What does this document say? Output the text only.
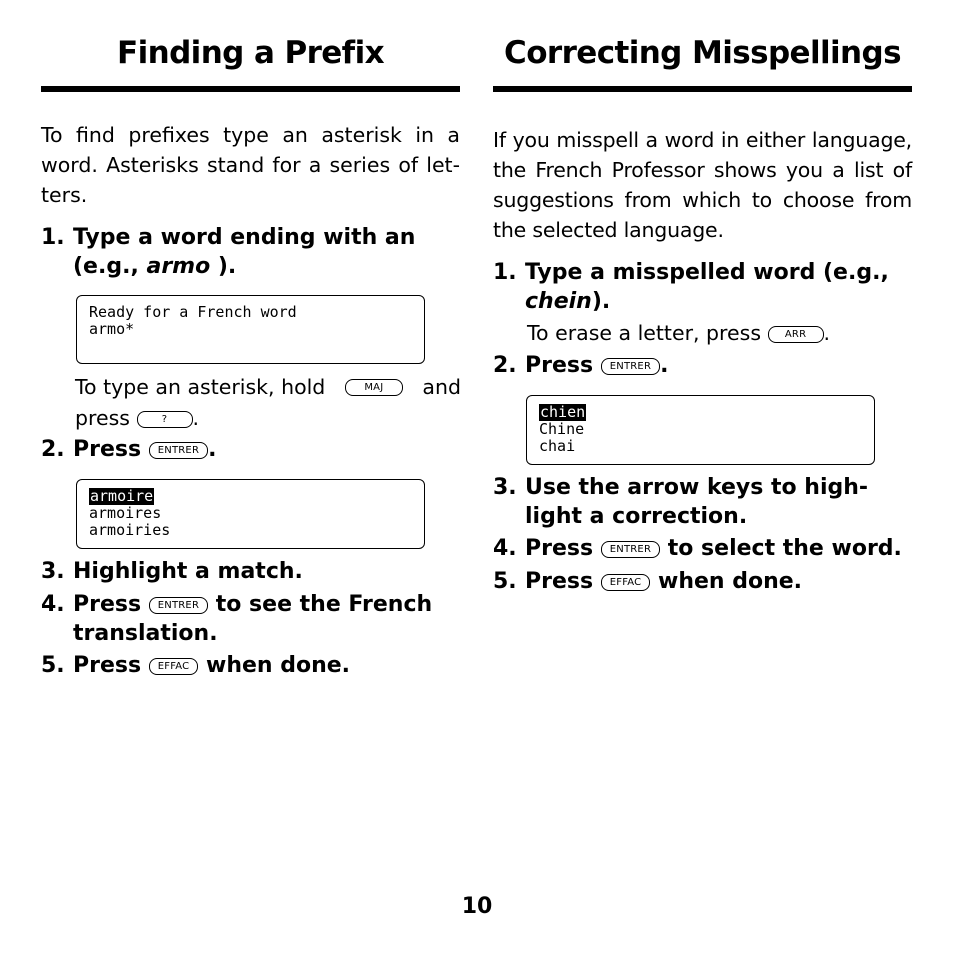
Finding a Prefix

To find prefixes type an asterisk in a word. Asterisks stand for a series of let-ters.

1. Type a word ending with an
(e.g., armo ).
Ready for a French word
armo*
To type an asterisk, hold	MAJ	and
press	? .
2. Press ENTRER .
armoire
armoires
armoiries
3. Highlight a match.
4. Press ENTRER to see the French
translation.
5. Press EFFAC when done.
Correcting Misspellings

If you misspell a word in either language, the French Professor shows you a list of suggestions from which to choose from the selected language.

1. Type a misspelled word (e.g.,
chein).
To erase a letter, press ARR .
2. Press ENTRER .
chien
Chine
chai
3. Use the arrow keys to high-
light a correction.
4. Press ENTRER to select the word.
5. Press EFFAC when done.
10
